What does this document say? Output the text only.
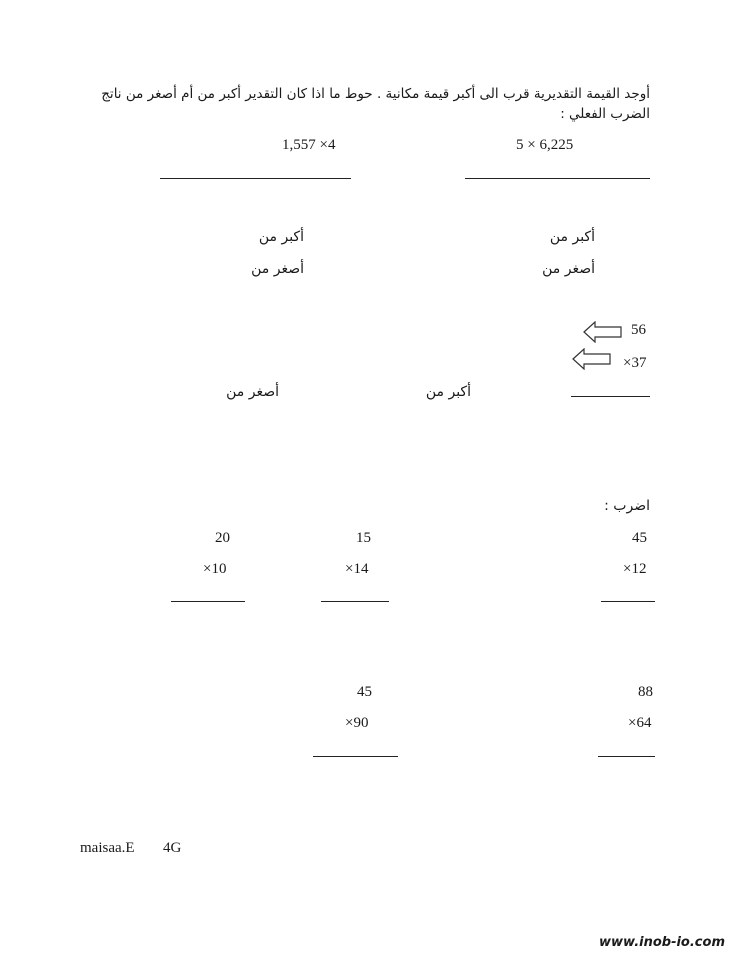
أوجد القيمة التقديرية قرب الى أكبر قيمة مكانية . حوط ما اذا كان التقدير أكبر من أم أصغر من ناتج
الضرب الفعلي :
5 × 6,225
1,557 ×4
أكبر من
أصغر من
أكبر من
أصغر من
56
×37
أكبر من
أصغر من
اضرب :
45
×12
15
×14
20
×10
88
×64
45
×90
maisaa.E 4G
www.inob-io.com
